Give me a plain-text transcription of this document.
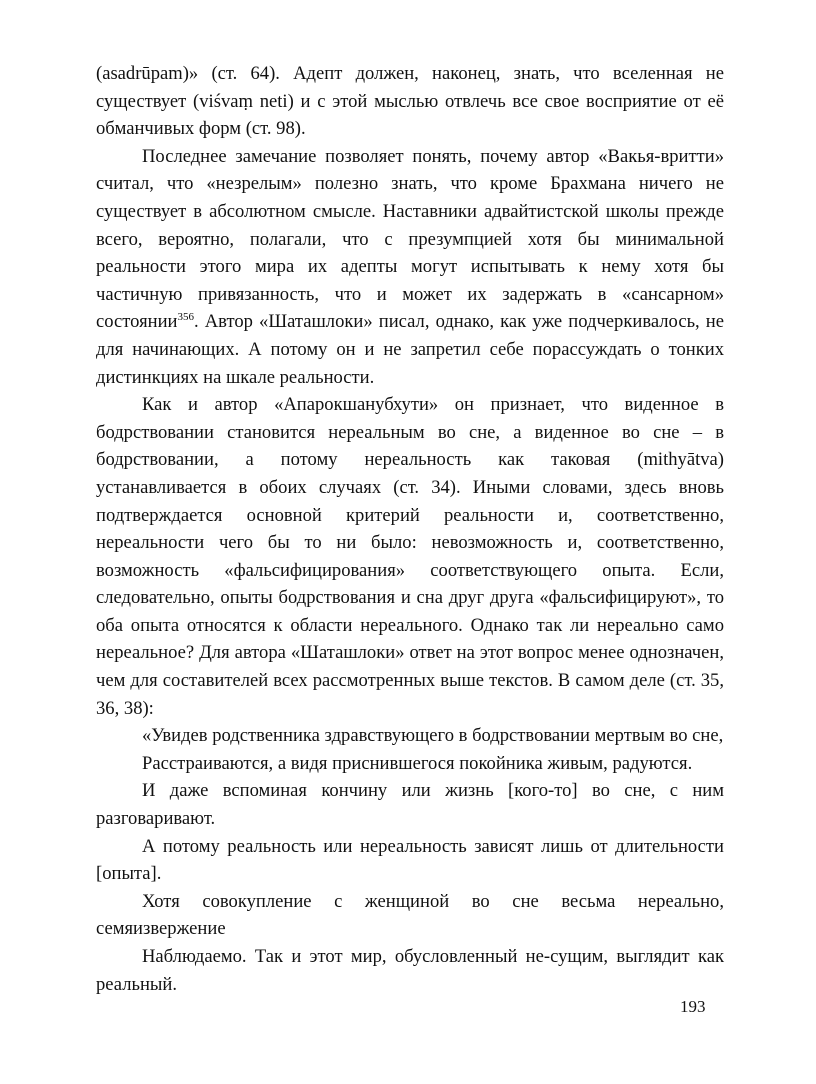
(asadrūpam)» (ст. 64). Адепт должен, наконец, знать, что вселенная не существует (viśvaṃ neti) и с этой мыслью отвлечь все свое восприятие от её обманчивых форм (ст. 98).

Последнее замечание позволяет понять, почему автор «Вакья-вритти» считал, что «незрелым» полезно знать, что кроме Брахмана ничего не существует в абсолютном смысле. Наставники адвайтистской школы прежде всего, вероятно, полагали, что с презумпцией хотя бы минимальной реальности этого мира их адепты могут испытывать к нему хотя бы частичную привязанность, что и может их задержать в «сансарном» состоянии$^{356}$. Автор «Шаташлоки» писал, однако, как уже подчеркивалось, не для начинающих. А потому он и не запретил себе порассуждать о тонких дистинкциях на шкале реальности.

Как и автор «Апарокшанубхути» он признает, что виденное в бодрствовании становится нереальным во сне, а виденное во сне – в бодрствовании, а потому нереальность как таковая (mithyātva) устанавливается в обоих случаях (ст. 34). Иными словами, здесь вновь подтверждается основной критерий реальности и, соответственно, нереальности чего бы то ни было: невозможность и, соответственно, возможность «фальсифицирования» соответствующего опыта. Если, следовательно, опыты бодрствования и сна друг друга «фальсифицируют», то оба опыта относятся к области нереального. Однако так ли нереально само нереальное? Для автора «Шаташлоки» ответ на этот вопрос менее однозначен, чем для составителей всех рассмотренных выше текстов. В самом деле (ст. 35, 36, 38):

«Увидев родственника здравствующего в бодрствовании мертвым во сне,

Расстраиваются, а видя приснившегося покойника живым, радуются.

И даже вспоминая кончину или жизнь [кого-то] во сне, с ним разговаривают.

А потому реальность или нереальность зависят лишь от длительности [опыта].

Хотя совокупление с женщиной во сне весьма нереально, семяизвержение

Наблюдаемо. Так и этот мир, обусловленный не-сущим, выглядит как реальный.

193
